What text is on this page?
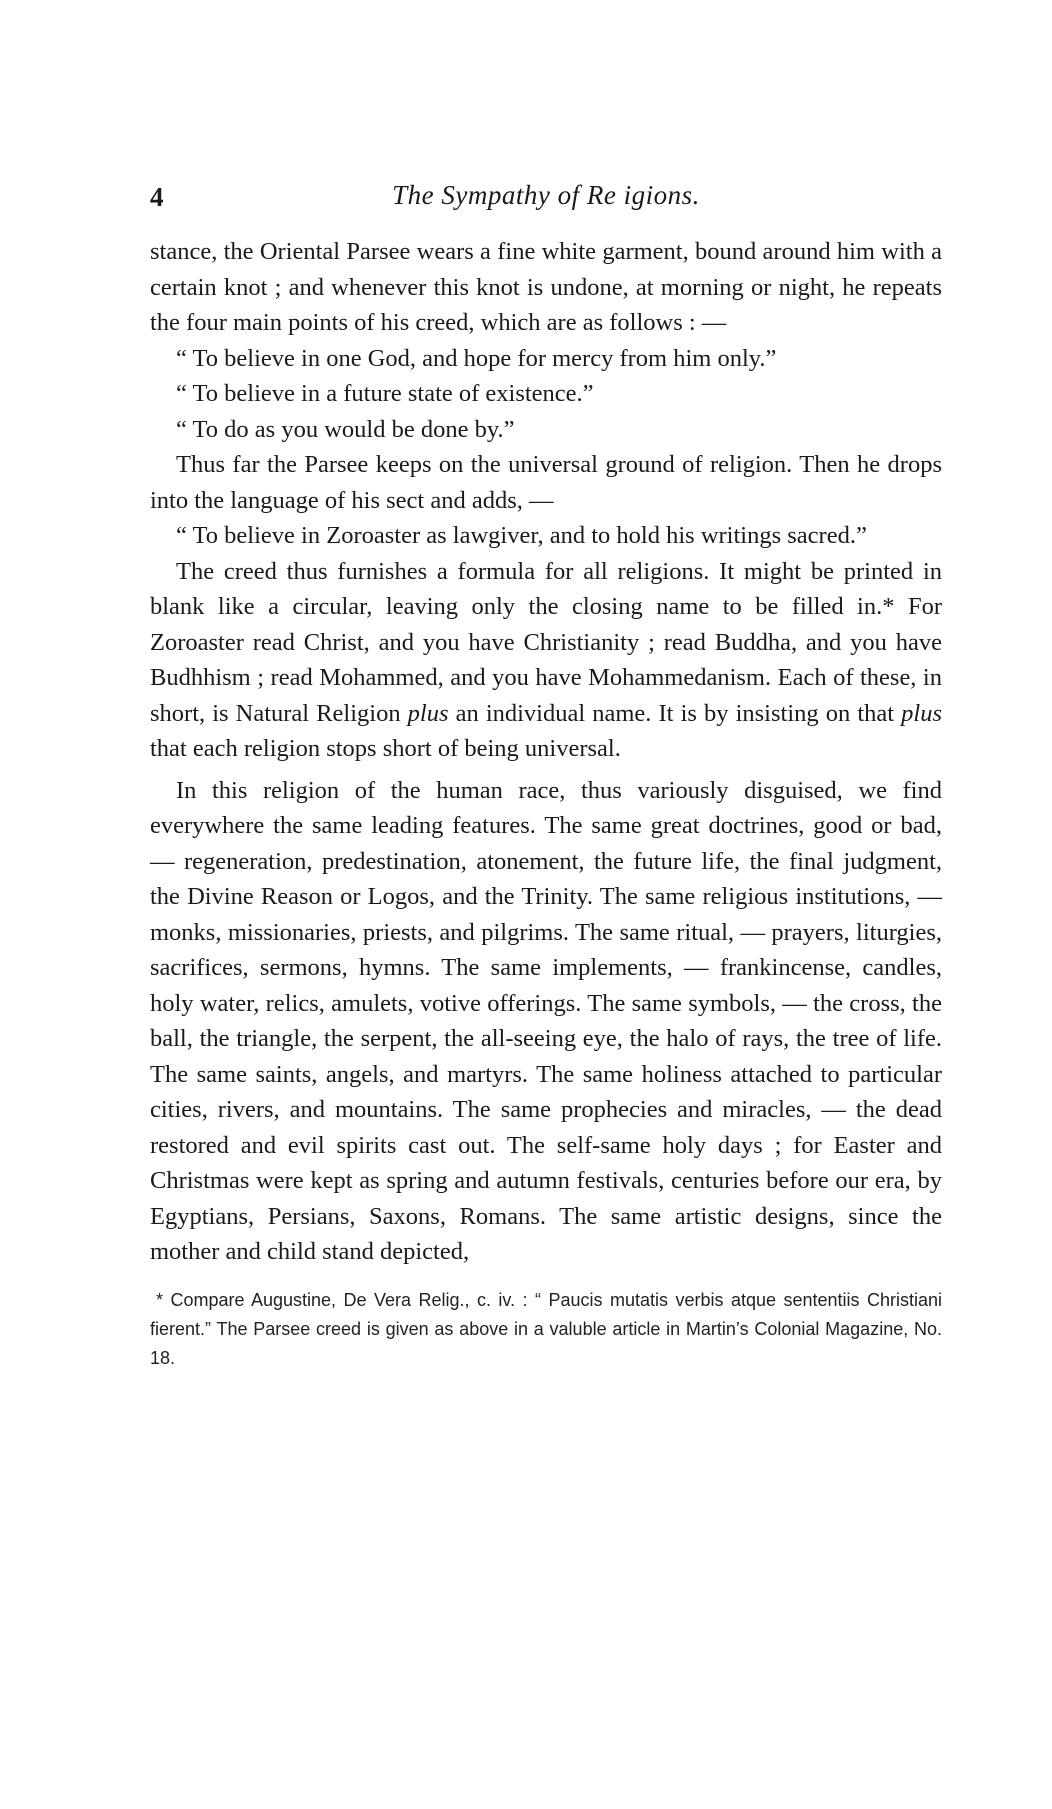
4	The Sympathy of Re igions.

stance, the Oriental Parsee wears a fine white garment, bound around him with a certain knot ; and whenever this knot is undone, at morning or night, he repeats the four main points of his creed, which are as follows : —

“ To believe in one God, and hope for mercy from him only.”

“ To believe in a future state of existence.”

“ To do as you would be done by.”

Thus far the Parsee keeps on the universal ground of religion. Then he drops into the language of his sect and adds, —

“ To believe in Zoroaster as lawgiver, and to hold his writings sacred.”

The creed thus furnishes a formula for all religions. It might be printed in blank like a circular, leaving only the closing name to be filled in.* For Zoroaster read Christ, and you have Christianity ; read Buddha, and you have Budhhism ; read Mohammed, and you have Mohammedanism. Each of these, in short, is Natural Religion plus an individual name. It is by insisting on that plus that each religion stops short of being universal.

In this religion of the human race, thus variously disguised, we find everywhere the same leading features. The same great doctrines, good or bad, — regeneration, predestination, atonement, the future life, the final judgment, the Divine Reason or Logos, and the Trinity. The same religious institutions, — monks, missionaries, priests, and pilgrims. The same ritual, — prayers, liturgies, sacrifices, sermons, hymns. The same implements, — frankincense, candles, holy water, relics, amulets, votive offerings. The same symbols, — the cross, the ball, the triangle, the serpent, the all-seeing eye, the halo of rays, the tree of life. The same saints, angels, and martyrs. The same holiness attached to particular cities, rivers, and mountains. The same prophecies and miracles, — the dead restored and evil spirits cast out. The self-same holy days ; for Easter and Christmas were kept as spring and autumn festivals, centuries before our era, by Egyptians, Persians, Saxons, Romans. The same artistic designs, since the mother and child stand depicted,

* Compare Augustine, De Vera Relig., c. iv. : “ Paucis mutatis verbis atque sententiis Christiani fierent.” The Parsee creed is given as above in a valuble article in Martin’s Colonial Magazine, No. 18.
